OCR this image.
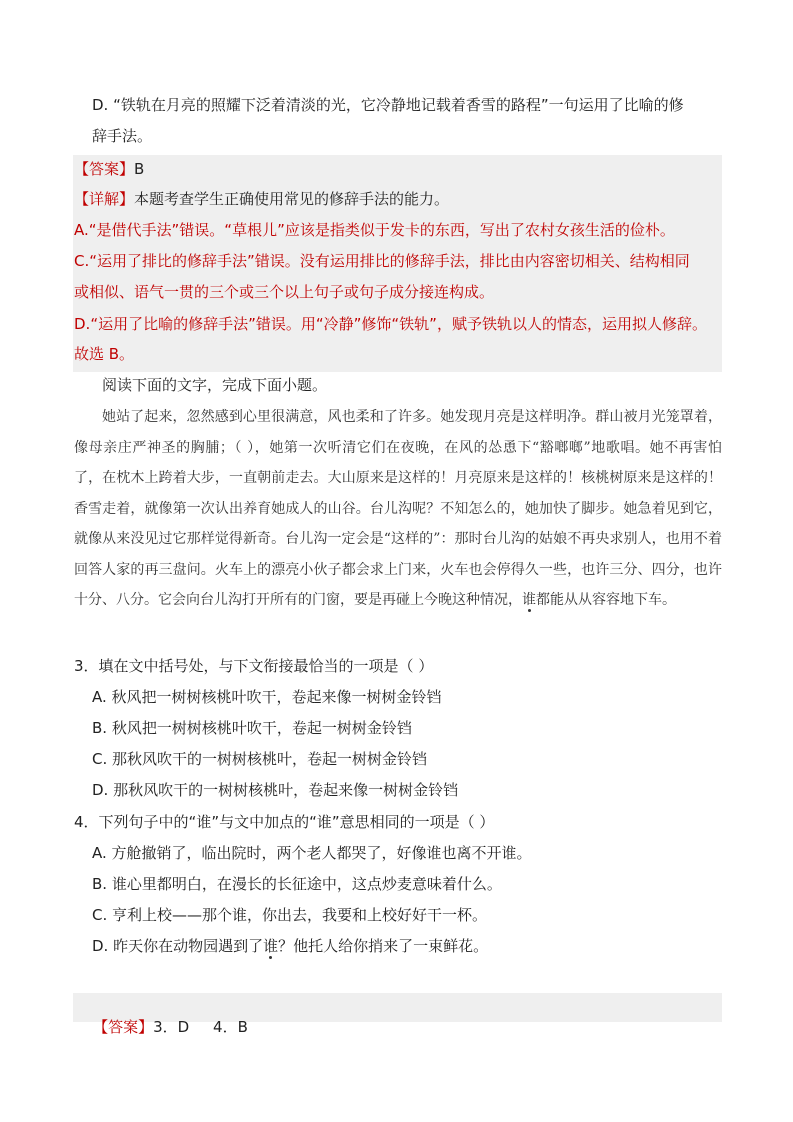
D. “铁轨在月亮的照耀下泛着清淡的光，它冷静地记载着香雪的路程”一句运用了比喻的修
辞手法。
【答案】B
【详解】本题考查学生正确使用常见的修辞手法的能力。
A.“是借代手法”错误。“草根儿”应该是指类似于发卡的东西，写出了农村女孩生活的俭朴。
C.“运用了排比的修辞手法”错误。没有运用排比的修辞手法，排比由内容密切相关、结构相同
或相似、语气一贯的三个或三个以上句子或句子成分接连构成。
D.“运用了比喻的修辞手法”错误。用“冷静”修饰“铁轨”，赋予铁轨以人的情态，运用拟人修辞。
故选 B。
阅读下面的文字，完成下面小题。

她站了起来，忽然感到心里很满意，风也柔和了许多。她发现月亮是这样明净。群山被月光笼罩着，像母亲庄严神圣的胸脯；（ ），她第一次听清它们在夜晚，在风的怂恿下“豁啷啷”地歌唱。她不再害怕了，在枕木上跨着大步，一直朝前走去。大山原来是这样的！月亮原来是这样的！核桃树原来是这样的！香雪走着，就像第一次认出养育她成人的山谷。台儿沟呢？不知怎么的，她加快了脚步。她急着见到它，就像从来没见过它那样觉得新奇。台儿沟一定会是“这样的”：那时台儿沟的姑娘不再央求别人，也用不着回答人家的再三盘问。火车上的漂亮小伙子都会求上门来，火车也会停得久一些，也许三分、四分，也许十分、八分。它会向台儿沟打开所有的门窗，要是再碰上今晚这种情况，谁都能从从容容地下车。

3．填在文中括号处，与下文衔接最恰当的一项是（ ）
A. 秋风把一树树核桃叶吹干，卷起来像一树树金铃铛
B. 秋风把一树树核桃叶吹干，卷起一树树金铃铛
C. 那秋风吹干的一树树核桃叶，卷起一树树金铃铛
D. 那秋风吹干的一树树核桃叶，卷起来像一树树金铃铛
4．下列句子中的“谁”与文中加点的“谁”意思相同的一项是（ ）
A. 方舱撤销了，临出院时，两个老人都哭了，好像谁也离不开谁。
B. 谁心里都明白，在漫长的长征途中，这点炒麦意味着什么。
C. 亨利上校——那个谁，你出去，我要和上校好好干一杯。
D. 昨天你在动物园遇到了谁？他托人给你捎来了一束鲜花。

【答案】3．D     4．B
